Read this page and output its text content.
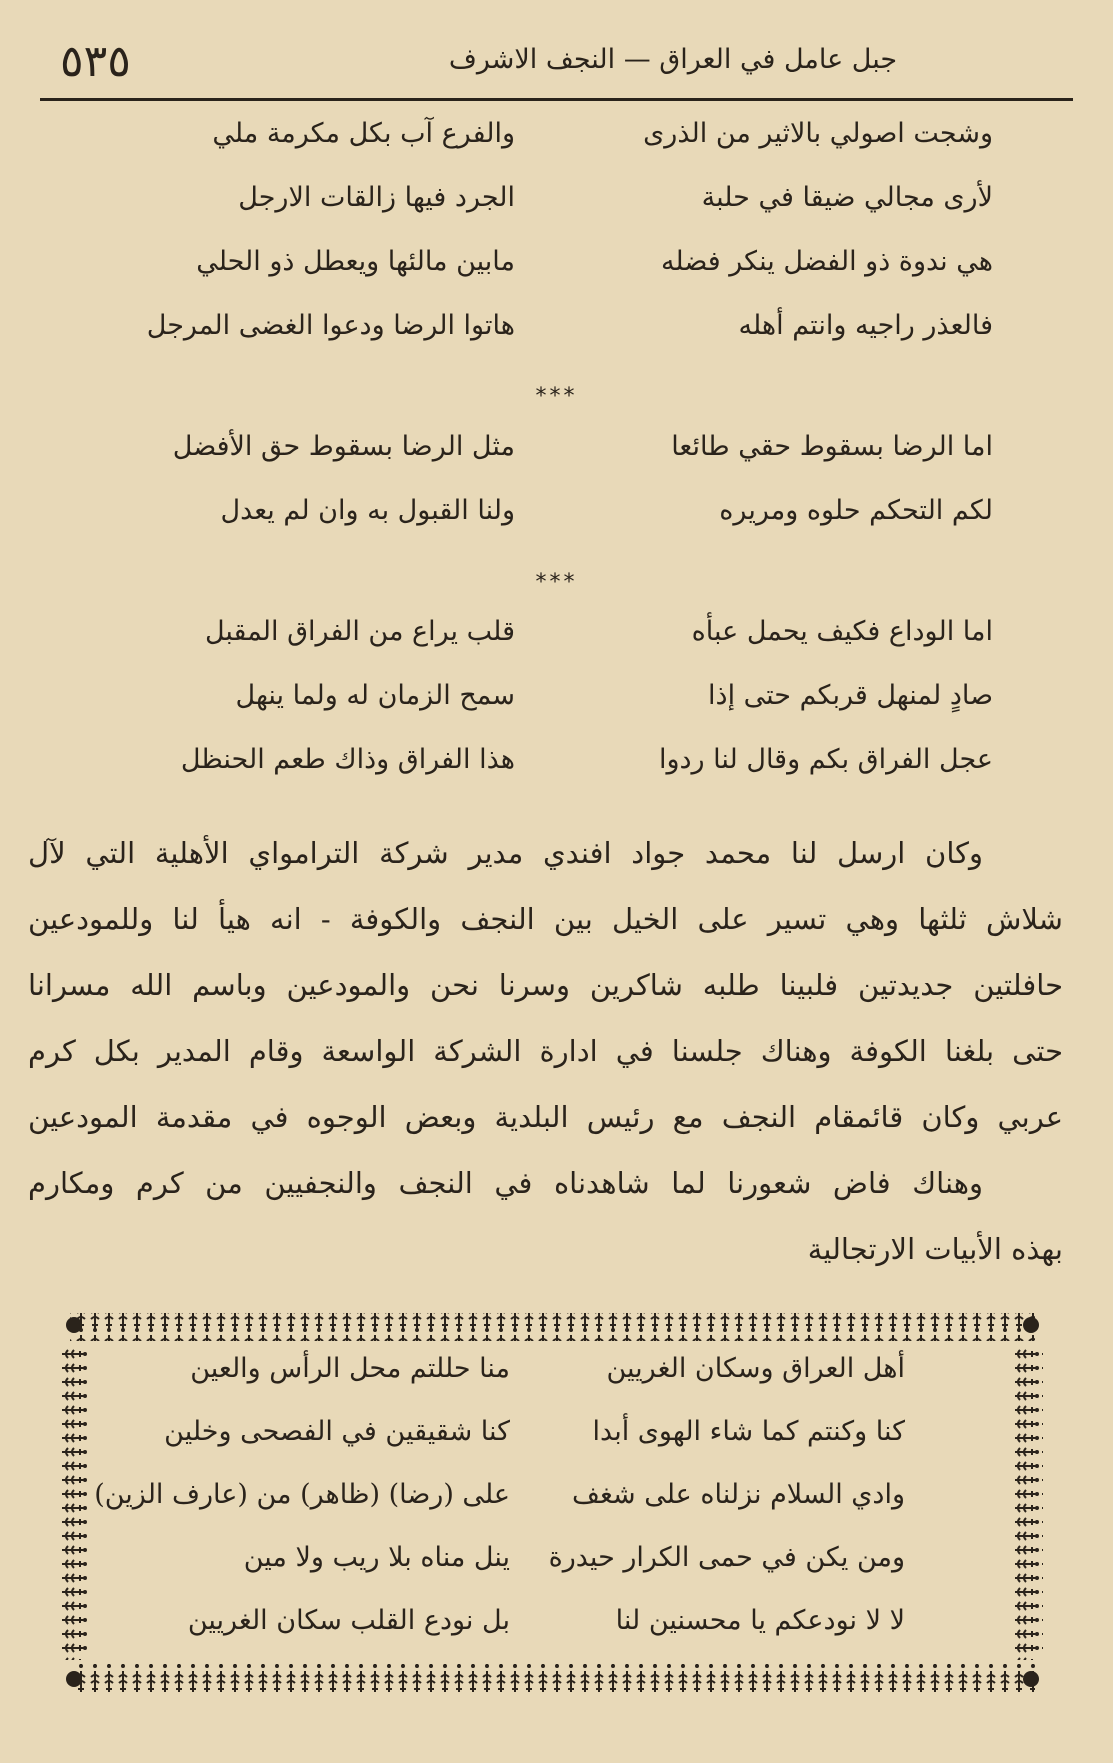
٥٣٥	جبل عامل في العراق — النجف الاشرف
وشجت اصولي بالاثير من الذرى
والفرع آب بكل مكرمة ملي
لأرى مجالي ضيقا في حلبة
الجرد فيها زالقات الارجل
هي ندوة ذو الفضل ينكر فضله
مابين مالئها ويعطل ذو الحلي
فالعذر راجيه وانتم أهله
هاتوا الرضا ودعوا الغضى المرجل
***
اما الرضا بسقوط حقي طائعا
مثل الرضا بسقوط حق الأفضل
لكم التحكم حلوه ومريره
ولنا القبول به وان لم يعدل
***
اما الوداع فكيف يحمل عبأه
قلب يراع من الفراق المقبل
صادٍ لمنهل قربكم حتى إذا
سمح الزمان له ولما ينهل
عجل الفراق بكم وقال لنا ردوا
هذا الفراق وذاك طعم الحنظل
وكان ارسل لنا محمد جواد افندي مدير شركة الترامواي الأهلية التي لآل
شلاش ثلثها وهي تسير على الخيل بين النجف والكوفة - انه هيأ لنا وللمودعين
حافلتين جديدتين فلبينا طلبه شاكرين وسرنا نحن والمودعين وباسم الله مسرانا
حتى بلغنا الكوفة وهناك جلسنا في ادارة الشركة الواسعة وقام المدير بكل كرم
عربي وكان قائمقام النجف مع رئيس البلدية وبعض الوجوه في مقدمة المودعين
وهناك فاض شعورنا لما شاهدناه في النجف والنجفيين من كرم ومكارم
بهذه الأبيات الارتجالية
أهل العراق وسكان الغريين
منا حللتم محل الرأس والعين
كنا وكنتم كما شاء الهوى أبدا
كنا شقيقين في الفصحى وخلين
وادي السلام نزلناه على شغف
على (رضا) (ظاهر) من (عارف الزين)
ومن يكن في حمى الكرار حيدرة
ينل مناه بلا ريب ولا مين
لا لا نودعكم يا محسنين لنا
بل نودع القلب سكان الغريين
